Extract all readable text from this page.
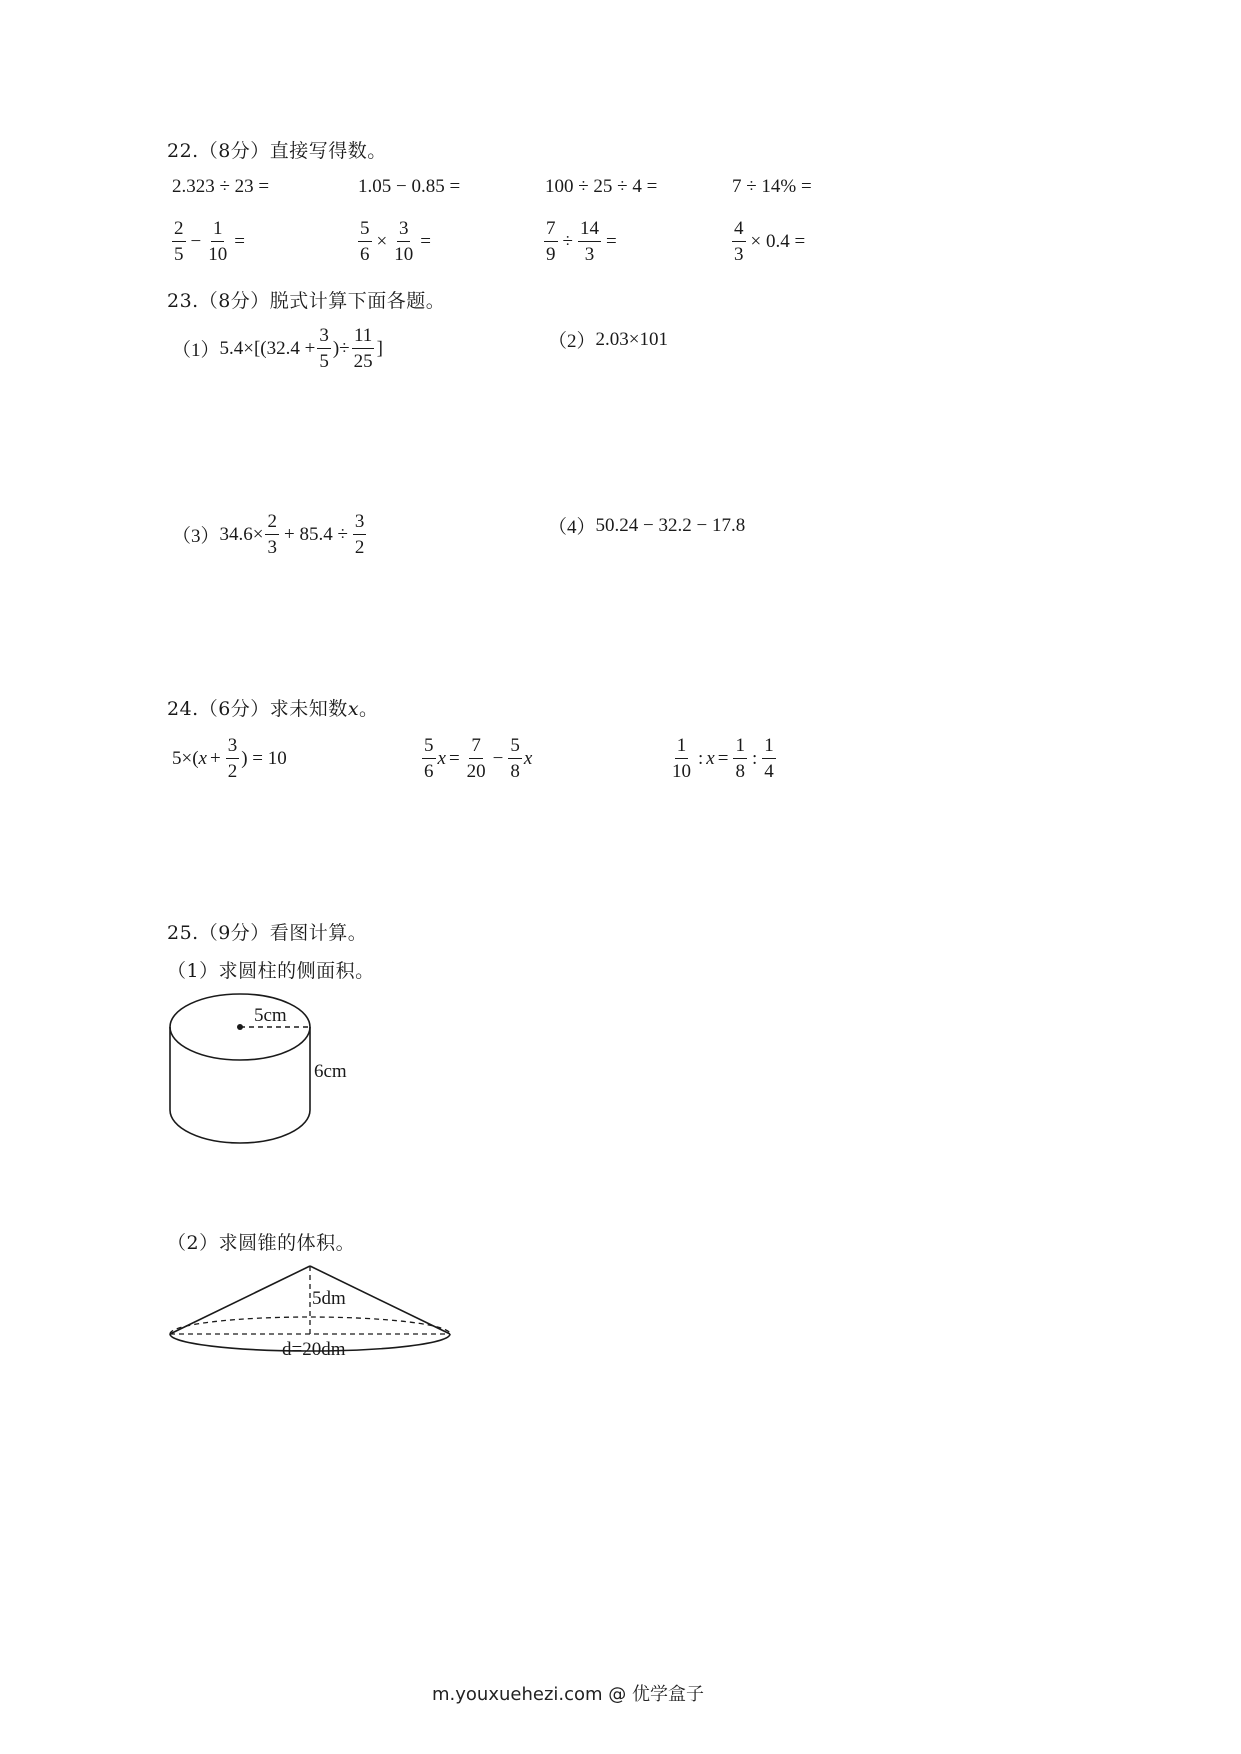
22.（8分）直接写得数。
2.323 ÷ 23 =	1.05 − 0.85 =	100 ÷ 25 ÷ 4 =	7 ÷ 14% =
$\frac{2}{5} - \frac{1}{10}$ =	$\frac{5}{6} \times \frac{3}{10}$ =	$\frac{7}{9} \div \frac{14}{3}$ =	$\frac{4}{3} \times 0.4$ =
23.（8分）脱式计算下面各题。
（1） $5.4\times[(32.4 + \frac{3}{5}$ )÷ $\frac{11}{25}$ ]	（2） 2.03×101
（3） $34.6\times \frac{2}{3} + 85.4 \div \frac{3}{2}$	（4） 50.24 − 32.2 − 17.8
24.（6分）求未知数x。
5×( $x + \frac{3}{2}$ ) = 10	$\frac{5}{6}$ $x = \frac{7}{20} - \frac{5}{8}$ x	$\frac{1}{10}$ : $x = \frac{1}{8}$ : $\frac{1}{4}$
25.（9分）看图计算。
（1）求圆柱的侧面积。
5cm
6cm
（2）求圆锥的体积。
5dm
d=20dm
m.youxuehezi.com @ 优学盒子
